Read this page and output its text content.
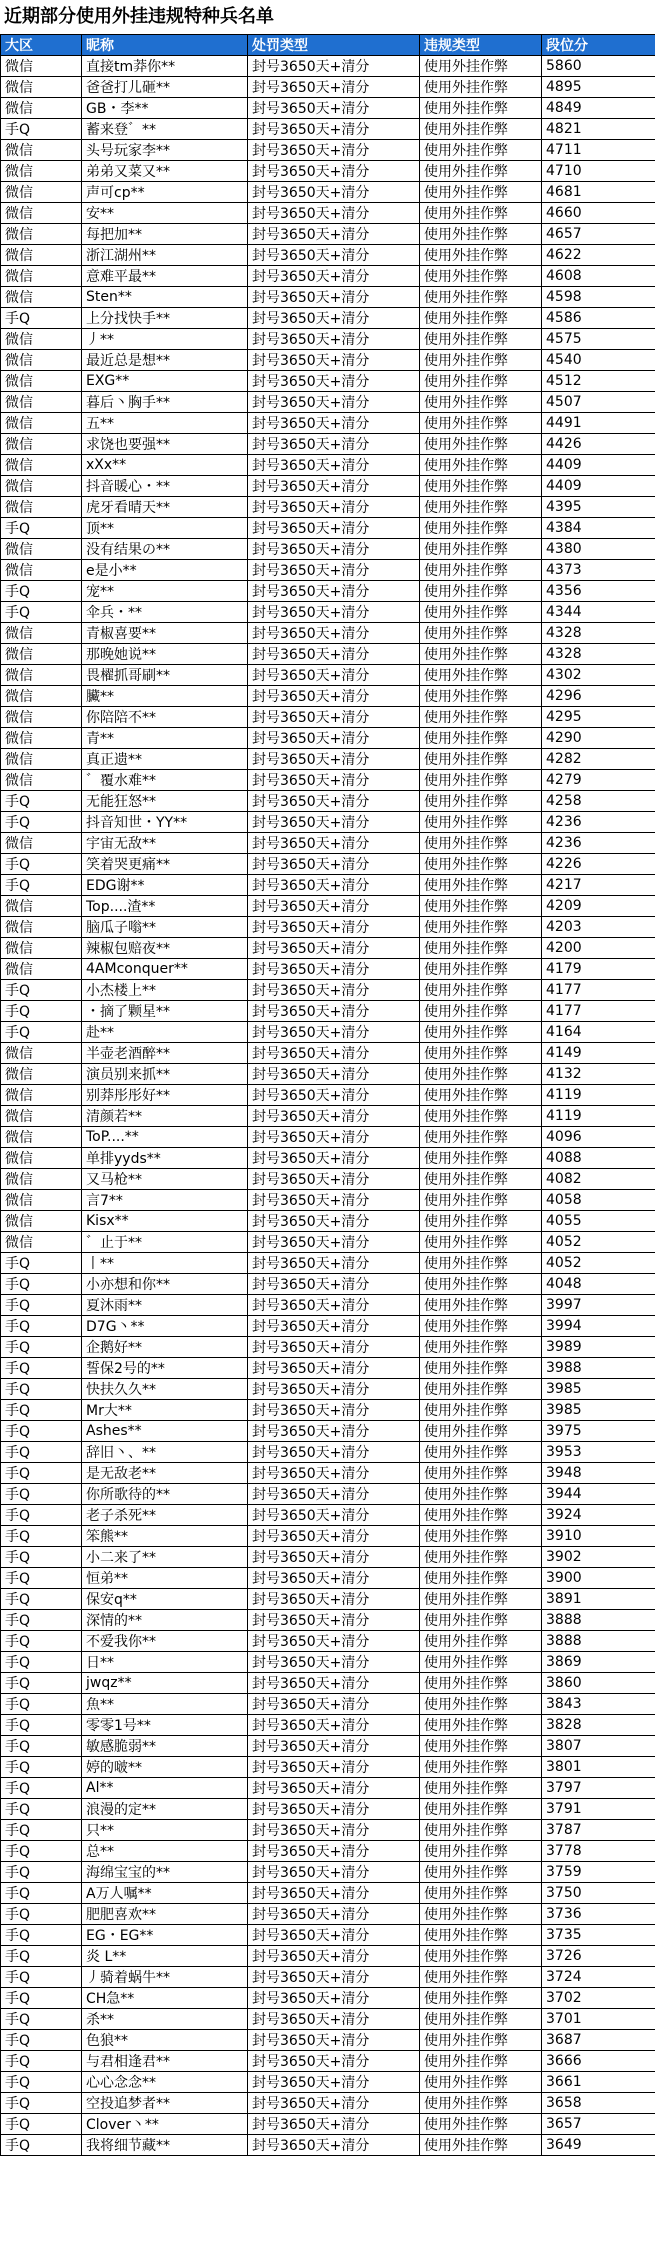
近期部分使用外挂违规特种兵名单
大区	昵称	处罚类型	违规类型	段位分
微信	直接tm莽你**	封号3650天+清分	使用外挂作弊	5860
微信	爸爸打儿砸**	封号3650天+清分	使用外挂作弊	4895
微信	GB・李**	封号3650天+清分	使用外挂作弊	4849
手Q	蓄来登゛**	封号3650天+清分	使用外挂作弊	4821
微信	头号玩家李**	封号3650天+清分	使用外挂作弊	4711
微信	弟弟又菜又**	封号3650天+清分	使用外挂作弊	4710
微信	声可cp**	封号3650天+清分	使用外挂作弊	4681
微信	安**	封号3650天+清分	使用外挂作弊	4660
微信	每把加**	封号3650天+清分	使用外挂作弊	4657
微信	浙江湖州**	封号3650天+清分	使用外挂作弊	4622
微信	意难平最**	封号3650天+清分	使用外挂作弊	4608
微信	Sten**	封号3650天+清分	使用外挂作弊	4598
手Q	上分找快手**	封号3650天+清分	使用外挂作弊	4586
微信	丿**	封号3650天+清分	使用外挂作弊	4575
微信	最近总是想**	封号3650天+清分	使用外挂作弊	4540
微信	EXG**	封号3650天+清分	使用外挂作弊	4512
微信	暮后丶胸手**	封号3650天+清分	使用外挂作弊	4507
微信	五**	封号3650天+清分	使用外挂作弊	4491
微信	求饶也要强**	封号3650天+清分	使用外挂作弊	4426
微信	xXx**	封号3650天+清分	使用外挂作弊	4409
微信	抖音暖心・**	封号3650天+清分	使用外挂作弊	4409
微信	虎牙看晴天**	封号3650天+清分	使用外挂作弊	4395
手Q	顶**	封号3650天+清分	使用外挂作弊	4384
微信	没有结果の**	封号3650天+清分	使用外挂作弊	4380
微信	e是小**	封号3650天+清分	使用外挂作弊	4373
手Q	宠**	封号3650天+清分	使用外挂作弊	4356
手Q	伞兵・**	封号3650天+清分	使用外挂作弊	4344
微信	青椒喜要**	封号3650天+清分	使用外挂作弊	4328
微信	那晚她说**	封号3650天+清分	使用外挂作弊	4328
微信	畏櫂抓哥刷**	封号3650天+清分	使用外挂作弊	4302
微信	臟**	封号3650天+清分	使用外挂作弊	4296
微信	你陪陪不**	封号3650天+清分	使用外挂作弊	4295
微信	青**	封号3650天+清分	使用外挂作弊	4290
微信	真正遗**	封号3650天+清分	使用外挂作弊	4282
微信	゛覆水难**	封号3650天+清分	使用外挂作弊	4279
手Q	无能狂怒**	封号3650天+清分	使用外挂作弊	4258
手Q	抖音知世・YY**	封号3650天+清分	使用外挂作弊	4236
微信	宇宙无敌**	封号3650天+清分	使用外挂作弊	4236
手Q	笑着哭更痛**	封号3650天+清分	使用外挂作弊	4226
手Q	EDG谢**	封号3650天+清分	使用外挂作弊	4217
微信	Top....渣**	封号3650天+清分	使用外挂作弊	4209
微信	脑瓜子嗡**	封号3650天+清分	使用外挂作弊	4203
微信	辣椒包赔夜**	封号3650天+清分	使用外挂作弊	4200
微信	4AMconquer**	封号3650天+清分	使用外挂作弊	4179
手Q	小杰楼上**	封号3650天+清分	使用外挂作弊	4177
手Q	・摘了颗星**	封号3650天+清分	使用外挂作弊	4177
手Q	赴**	封号3650天+清分	使用外挂作弊	4164
微信	半壶老酒醉**	封号3650天+清分	使用外挂作弊	4149
微信	演员别来抓**	封号3650天+清分	使用外挂作弊	4132
微信	别莽彤彤好**	封号3650天+清分	使用外挂作弊	4119
微信	清颜若**	封号3650天+清分	使用外挂作弊	4119
微信	ToP....**	封号3650天+清分	使用外挂作弊	4096
微信	单排yyds**	封号3650天+清分	使用外挂作弊	4088
微信	又马枪**	封号3650天+清分	使用外挂作弊	4082
微信	言7**	封号3650天+清分	使用外挂作弊	4058
微信	Kisx**	封号3650天+清分	使用外挂作弊	4055
微信	゛止于**	封号3650天+清分	使用外挂作弊	4052
手Q	丨**	封号3650天+清分	使用外挂作弊	4052
手Q	小亦想和你**	封号3650天+清分	使用外挂作弊	4048
手Q	夏沐雨**	封号3650天+清分	使用外挂作弊	3997
手Q	D7G丶**	封号3650天+清分	使用外挂作弊	3994
手Q	企鹅好**	封号3650天+清分	使用外挂作弊	3989
手Q	誓保2号的**	封号3650天+清分	使用外挂作弊	3988
手Q	快扶久久**	封号3650天+清分	使用外挂作弊	3985
手Q	Mr大**	封号3650天+清分	使用外挂作弊	3985
手Q	Ashes**	封号3650天+清分	使用外挂作弊	3975
手Q	辞旧丶、**	封号3650天+清分	使用外挂作弊	3953
手Q	是无敌老**	封号3650天+清分	使用外挂作弊	3948
手Q	你所歌待的**	封号3650天+清分	使用外挂作弊	3944
手Q	老子杀死**	封号3650天+清分	使用外挂作弊	3924
手Q	笨熊**	封号3650天+清分	使用外挂作弊	3910
手Q	小二来了**	封号3650天+清分	使用外挂作弊	3902
手Q	恒弟**	封号3650天+清分	使用外挂作弊	3900
手Q	保安q**	封号3650天+清分	使用外挂作弊	3891
手Q	深情的**	封号3650天+清分	使用外挂作弊	3888
手Q	不爱我你**	封号3650天+清分	使用外挂作弊	3888
手Q	日**	封号3650天+清分	使用外挂作弊	3869
手Q	jwqz**	封号3650天+清分	使用外挂作弊	3860
手Q	魚**	封号3650天+清分	使用外挂作弊	3843
手Q	零零1号**	封号3650天+清分	使用外挂作弊	3828
手Q	敏感脆弱**	封号3650天+清分	使用外挂作弊	3807
手Q	婷的啵**	封号3650天+清分	使用外挂作弊	3801
手Q	Al**	封号3650天+清分	使用外挂作弊	3797
手Q	浪漫的定**	封号3650天+清分	使用外挂作弊	3791
手Q	只**	封号3650天+清分	使用外挂作弊	3787
手Q	总**	封号3650天+清分	使用外挂作弊	3778
手Q	海绵宝宝的**	封号3650天+清分	使用外挂作弊	3759
手Q	A万人嘱**	封号3650天+清分	使用外挂作弊	3750
手Q	肥肥喜欢**	封号3650天+清分	使用外挂作弊	3736
手Q	EG・EG**	封号3650天+清分	使用外挂作弊	3735
手Q	炎 L**	封号3650天+清分	使用外挂作弊	3726
手Q	丿骑着蜗牛**	封号3650天+清分	使用外挂作弊	3724
手Q	CH急**	封号3650天+清分	使用外挂作弊	3702
手Q	杀**	封号3650天+清分	使用外挂作弊	3701
手Q	色狼**	封号3650天+清分	使用外挂作弊	3687
手Q	与君相逢君**	封号3650天+清分	使用外挂作弊	3666
手Q	心心念念**	封号3650天+清分	使用外挂作弊	3661
手Q	空投追梦者**	封号3650天+清分	使用外挂作弊	3658
手Q	Clover丶**	封号3650天+清分	使用外挂作弊	3657
手Q	我将细节藏**	封号3650天+清分	使用外挂作弊	3649
